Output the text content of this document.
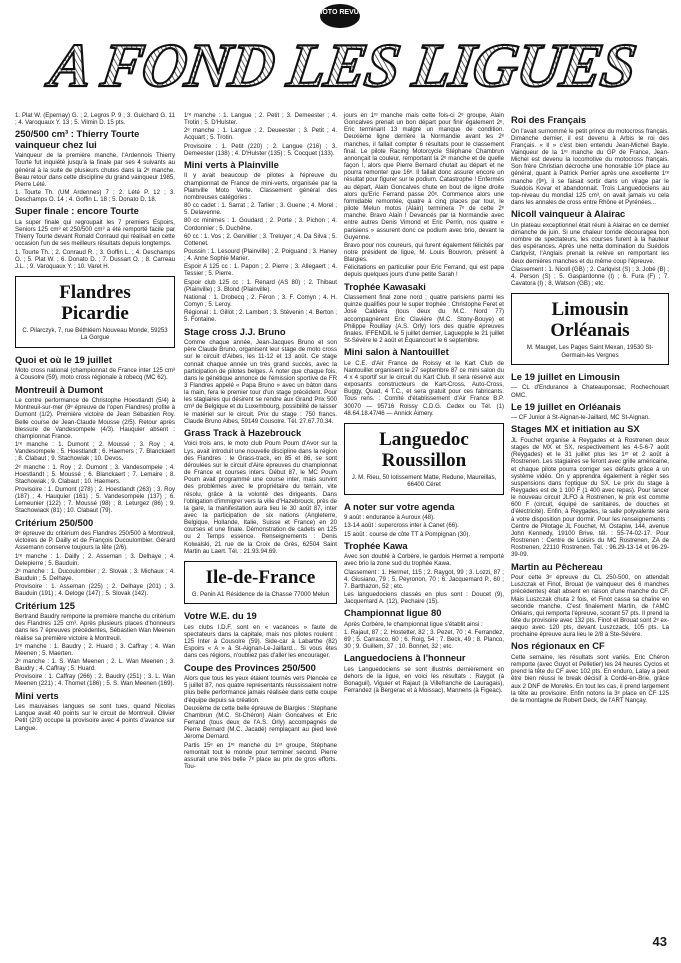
MOTO REVUE
A FOND LES LIGUES

1. Plat W. (Epernay) G. ; 2. Legros P. 9 ; 3. Guichard G. 11 ; 4. Varoquaux Y. 13 ; 5. Vilmin D. 15 pts.

250/500 cm³ : Thierry Tourte vainqueur chez lui

Vainqueur de la première manche, l'Ardennois Thierry Tourte fut inquiété jusqu'à la finale par ses 4 suivants au général à la suite de plusieurs chutes dans la 2ᵉ manche. Beau retour dans cette discipline du grand vainqueur 1985, Pierre Lété.

1. Tourte Th. (UM Ardennes) 7 ; 2. Lété P. 12 ; 3. Deschamps O. 14 ; 4. Goffin L. 18 ; 5. Donato D. 18.

Super finale : encore Tourte

La super finale qui regroupait les 7 premiers Espoirs, Seniors 125 cm³ et 250/500 cm³ a été remporté facile par Thierry Tourte devant Ronald Conraud qui réalisait en cette occasion l'un de ses meilleurs résultats depuis longtemps.

1. Tourte Th. ; 2. Conraud R. ; 3. Goffin L. ; 4. Deschamps O. ; 5. Plat W. ; 6. Donato D. ; 7. Dussart O. ; 8. Carreau J.L. ; 9. Varoquaux Y. ; 10. Varet H.

Flandres
Picardie
C. Pilarczyk, 7, rue Béthléem Nouveau Monde, 59253 La Gorgue
Quoi et où le 19 juillet

Moto cross national (championnat de France inter 125 cm³ à Cousolre (59), moto cross régionale à robecq (MC 62).

Montreuil à Dumont

Le contre performance de Christophe Hoestlandt (5/4) à Montreuil-sur-mer (8ᵉ épreuve de l'open Flandres) profite à Dumont (1/2). Première victoire de Jean Sébastien Roy. Belle course de Jean-Claude Mousse (2/5). Retour après blessure de Vandesompele (4/3). Hauquier absent : championnat France.

1ʳᵉ manche : 1. Dumont ; 2. Moussé ; 3. Roy ; 4. Vandesompele ; 5. Hoestlandt ; 6. Haemers ; 7. Blanckaert ; 8. Clabaut ; 9. Stachowiak ; 10. Devos.

2ᵉ manche : 1. Roy ; 2. Dumont ; 3. Vandesompele ; 4. Hoestlandt ; 5. Moussé ; 6. Blanckaert ; 7. Lemaire ; 8. Stachowiak ; 9. Clabaut ; 10. Haemers.

Provisoire : 1. Dumont (278) ; 2. Hoestlandt (263) ; 3. Roy (187) ; 4. Hauquier (161) ; 5. Vandesompele (137) ; 6. Lemeunier (122) ; 7. Moussé (98) ; 8. Leturgez (86) ; 9. Stachowiack (81) ; 10. Clabaut (79).

Critérium 250/500

8ᵉ épreuve du critérium des Flandres 250/500 à Montreuil, victoires de P. Dailly et de François Ducoulombier. Gérard Assemann conserve toujours la tête (2/6).

1ʳᵉ manche : 1. Dailly ; 2. Asseman ; 3. Delhaye ; 4. Delepierre ; 5. Bauduin.

2ᵉ manche : 1. Ducoulombier ; 2. Slovak ; 3. Michaux ; 4. Bauduin ; 5. Delhaye.

Provisoire : 1. Asseman (225) ; 2. Delhaye (201) ; 3. Bauduin (191) ; 4. Deloge (147) ; 5. Slovak (142).

Critérium 125

Bertrand Baudry remporte la première manche du critérium des Flandres 125 cm³. Après plusieurs places d'honneurs dans les 7 épreuves précédentes, Sébastien Wan Meenen réalise sa première victoire à Montreuil.

1ʳᵉ manche : 1. Baudry ; 2. Huard ; 3. Caffray ; 4. Wan Meenen ; 5. Maerten.

2ᵉ manche : 1. S. Wan Meenen ; 2. L. Wan Meenen ; 3. Baudry ; 4. Caffray ; 5. Huard.

Provisoire : 1. Caffray (266) ; 2. Baudry (251) ; 3. L. Wan Meenen (221) ; 4. Thomet (186) ; 5. S. Wan Meenen (169).

Mini verts

Les mauvaises langues se sont tues, quand Nicolas Langue avait 40 points sur le circuit de Montreuil. Olivier Petit (2/3) occupe la provisoire avec 4 points d'avance sur Langue.

1ʳᵉ manche : 1. Langue ; 2. Petit ; 3. Demeester ; 4. Trotin ; 5. D'Hulster.

2ᵉ manche : 1. Langue ; 2. Deueester ; 3. Petit ; 4. Acquart ; 5. Trotin.

Provisoire : 1. Petit (220) ; 2. Langue (216) ; 3. Demeester (138) ; 4. D'Hulster (135) ; 5. Cocquet (133).

Mini verts à Plainville

Il y avait beaucoup de pilotes à l'épreuve du championnat de France de mini-verts, organisée par la Plainville Moto Verte. Classement général des nombreuses catégories :

80 cc cadet : 1. Sarrat ; 2. Tarlier ; 3. Guene ; 4. Morel ; 5. Delavenne.

80 cc minimes : 1. Goudard ; 2. Porte ; 3. Pichon ; 4. Cordonnier ; 5. Duchêne.

60 cc : 1. Vos ; 2. Gervillier ; 3. Treluyer ; 4. Da Silva ; 5. Cottenet.

Poussin : 1. Lesourd (Plainville) ; 2. Poiguand ; 3. Haney ; 4. Anne Sophie Marier.

Espoir A 125 cc : 1. Papon ; 2. Pierre ; 3. Allegaert ; 4. Tessier ; 5. Pierre.

Espoir club 125 cc : 1. Renard (AS 80) ; 2. Thibaut (Plainville) ; 3. Blond (Plainville).

National : 1. Drobecq ; 2. Féron ; 3. F. Comyn ; 4. H. Comyn ; 5. Leroy.

Régional : 1. Gillot ; 2. Lambert ; 3. Stévenin ; 4. Berton ; 5. Fontaine.

Stage cross J.J. Bruno

Comme chaque année, Jean-Jacques Bruno et son père Claude Bruno, organisent leur stage de moto cross sur le circuit d'Aibes, les 11-12 et 13 août. Ce stage connait chaque année un très grand succès, avec la participation de pilotes belges. À noter que chaque fois, dans le génétique annonce de l'émission sportive de FR 3 Flandres appelé « Papa Bruno » avec un bâton dans la main, fera le premier tour d'un stage précédent. Pour les stagiaires qui désirent se rendre aux Grand Prix 500 cm³ de Belgique et du Luxembourg, possibilité de laisser le matériel sur le circuit. Prix du stage : 750 francs. Claude Bruno Aibes, 59149 Cousolre. Tél. 27.67.70.34.

Grass Track à Hazebrouck

Voici trois ans, le moto club Poum Poum d'Avor sur la Lys, avait introduit une nouvelle discipline dans la région des Flandres : le Grass-track, en 85 et 86, se sont déroulées sur le circuit d'Aire épreuves du championnat de France et courses inters. Début 87, le MC Poum Poum avait programmé une course inter, mais survint des problèmes avec le propriétaire du terrain, vite résolu, grâce à la volonté des dirigeants. Dans l'obligation d'immigrer vers la ville d'Hazebrouck, près de la gare, la manifestation aura lieu le 30 août 87, inter avec la participation de six nations (Angleterre, Belgique, Hollande, Italie, Suisse et France) en 20 courses et une finale. Démonstration de cadets en 125 ou 2 Temps essence. Renseignements : Denis Kolwalski, 21 rue de la Croix de Grès, 62504 Saint Martin au Laert. Tél. : 21.93.94.69.

Ile-de-France
G. Penin A1 Résidence de la Chasse 77000 Melun
Votre W.E. du 19

Les clubs I.D.F. sont en « vacances » faute de spectateurs dans la capitale, mais nos pilotes roulent : 125 Inter à Cousolre (59). Side-car à Labarthe (82) Espoirs « A » à St-Aignan-Le-Jaillard... Si vous êtes dans ces régions, n'oubliez pas d'aller les encourager.

Coupe des Provinces 250/500

Alors que tous les yeux étaient tournés vers Plencée ce 5 juillet 87, nos quatre représentants réussissaient notre plus belle performance jamais réalisée dans cette coupe d'équipe depuis sa création.

Deuxième de cette belle épreuve de Blargies : Stéphane Chambrun (M.C. St-Chéron) Alain Goncalves et Eric Ferrand (tous deux de l'A.S. Orly) accompagnés de Pierre Bernard (M.C. Jacadé) remplaçant au pied levé Jérome Dernard.

Partis 15ᵉ en 1ʳᵉ manche du 1ᵉʳ groupe, Stéphane remontait tout le monde pour terminer second. Pierre assurait une très belle 7ᵉ place au prix de gros efforts. Tou-

jours en 1ʳᵉ manche mais cette fois-ci 2ᵉ groupe, Alain Goncalves prenait un bon départ pour finir également 2ᵉ, Eric terminant 13 malgré un manque de condition. Deuxième ligne derrière la Normandie avant les 2ᵉ manches, il fallait compter 6 résultats pour le classement final. Le pilote Racing Motorcycle Stéphane Chambrun annonçait la couleur, remportant la 2ᵉ manche et de quelle façon !, alors que Pierre Bernard chutait au départ et ne pourra remonter que 16ᵉ. Il fallait donc assurer encore un résultat pour figurer sur le podium. Catastrophe ! Enfermés au départ, Alain Goncalves chute en bout de ligne droite alors qu'Eric Ferrand passe 20ᵉ. Commence alors une formidable remontée, quatre à cinq places par tour, le pilote Melun motos (Alain) terminera 7ᵉ de cette 2ᵉ manche. Bravo Alain ! Devancés par la Normandie avec entre autres Denis Vimond et Eric Perrin, nos quatre « parisiens » assurent donc ce podium avec brio, devant la Guyenne.

Bravo pour nos coureurs, qui furent également félicités par notre président de ligue, M. Louis Bouvron, présent à Blargies.

Félicitations en particulier pour Eric Ferrand, qui est papa depuis quelques jours d'une petite Sarah !

Trophée Kawasaki

Classement final zone nord ; quatre parisiens parmi les quinze qualifiés pour le super trophée : Christophe Feret et José Caldeira (tous deux du M.C. Nord 77) accompagnèrent Eric Clavière (M.C. Stony-Bouye) et Philippe Roulliay (A.S. Orly) lors des quatre épreuves finales. IFFENDIL le 5 juillet dernier, Laguepple le 21 juillet St-Sévère le 2 août et Equancourt le 6 septembre.

Mini salon à Nantouillet

Le C.E. d'Air France de Roissy et le Kart Club de Nantouillet organisent le 27 septembre 87 ce mini salon du 4 x 4 sportif sur le circuit du Kart Club. Il sera réservé aux exposants constructeurs de Kart-Cross, Auto-Cross, Buggy, Quad, 4 T.C., et sera gratuit pour ces fabricants. Tous rens. : Comité d'établissement d'Air France B.P. 30070 — 95716 Roissy C.D.G. Cedex ou Tél. (1) 48.64.18.47/46 — Annick Aimery.

Languedoc
Roussillon
J. M. Rieu, 50 lotissement Matte, Redune, Maureillas, 66400 Céret
A noter sur votre agenda

9 août : endurance à Auroux (48).

13-14 août : supercross inter à Canet (66).

15 août : course de côte TT à Pompignan (30).

Trophée Kawa

Avec son doublé à Corbère, le gardois Hermet a remporté avec brio la zone sud du trophée Kawa.

Classement : 1. Hermet, 115 ; 2. Raygot, 99 ; 3. Lozzi, 87 ; 4. Giusiano, 79 ; 5. Peyronon, 70 ; 6. Jacquemard P., 60 ; 7. Barthazon, 52 ; etc.

Les languedociens classés en plus sont : Doucet (9), Jacquemard A. (12), Pechaire (15).

Championnat ligue 80

Après Corbère, le championnat ligue s'établit ainsi :

1. Rajaut, 87 ; 2. Hostetter, 82 ; 3. Pezet, 70 ; 4. Ferrandez, 69 ; 5. Carrasco, 60 ; 6. Roig, 54 ; 7. Beck, 49 ; 8. Planco, 30 ; 9. Guillem, 37 ; 10. Bonnet, 32 ; etc.

Languedociens à l'honneur

Les Languedociens se sont illustrés dernièrement en dehors de la ligue, en voici les résultats : Raygot (à Bonaguil), Viguier et Rajaut (à Villefranche de Lauragais), Ferrandez (à Bergerac et à Moissac), Mannens (à Figeac).

Roi des Français

On l'avait surnommé le petit prince du motocross français. Dimanche dernier, il est devenu à Arbis le roi des Français. « Il » c'est bien entendu Jean-Michel Bayle. Vainqueur de la 1ʳᵉ manche du GP de France, Jean-Michel est devenu la locomotive du motocross français. Son frère Christian décroche une honorable 10ᵉ place au général, quant à Patrick Perrier après une excellente 1ʳᵉ manche (9ᵉ), il se faisait sortir dans un virage par le Suédois Kovar et abandonnait. Trois Languedociens au top-niveau du mondial 125 cm³, on avait jamais vu cela dans les annales de cross entre Rhône et Pyrénées...

Nicoll vainqueur à Alairac

Un plateau exceptionnel était réuni à Alairac en ce dernier dimanche de juin. Si une chaleur torride découragea bon nombre de spectateurs, les courses furent à la hauteur des espérances. Après une netta domination du Suédois Carlqvist, l'Anglais prenait la relève en remportant les deux dernières manches et du même coup l'épreuve.

Classement : 1. Nicoll (GB) ; 2. Carlqvist (S) ; 3. Jobé (B) ; 4. Person (S) ; 5. Gaspardonne (I) ; 6. Fura (F) ; 7. Cavatora (I) ; 8. Watson (GB) ; etc.

Limousin
Orléanais
M. Mauget, Les Pages Saint Mexan, 19530 St-Germain-les Vergnes
Le 19 juillet en Limousin

— CL d'Endurance à Chateauponsac, Rochechouart OMC.

Le 19 juillet en Orléanais

— CF Junior à St-Aignan-le-Jaillard, MC St-Aignan.

Stages MX et initiation au SX

JL Fouchet organise à Reygades et à Rostrenen deux stages de MX et SX, respectivement les 4-5-6-7 août (Reygades) et le 31 juillet plus les 1ᵉʳ et 2 août à Rostrenen. Les stagiaires se feront avec grille américaine, et chaque pilote pourra corriger ses défauts grâce à un système vidéo. On y apprendra également à régler ses suspensions dans l'optique du SX. Le prix du stage à Reygades est de 1 100 F (1 400 avec repas). Pour lancer le nouveau circuit JLFO à Rostrenen, le prix est comme 600 F (circuit, équipé de sanitaires, de douches et d'électricité). Enfin, à Reygades, la salle polyvalente sera à votre disposition pour dormir. Pour les renseignements : Centre de Pilotage JL Fouchet, M. Ostapiw, 144, avenue John Kennedy, 19100 Brive. tél. : 55-74-02-17. Pour Rostrenen : Centre de Loisirs du MC Rostrenen, ZA de Rostrenen, 22110 Rostrenen. Tél. : 96.29-13-14 et 96-29-39-09.

Martin au Pêchereau

Pour cette 3ᵉ épreuve du CL 250-500, on attendait Luszczak et Finot, Brouat (le vainqueur des 6 manches précédentes) était absent en raison d'une manche du CF. Mais Luszczak chuta 2 fois, et Finot cassa sa chaîne en seconde manche. C'est finalement Martin, de l'AMC Orléans, qui remporta l'épreuve, scorant 57 pts. Il prend la tête du provisoire avec 132 pts. Finot et Brouat sont 2ᵉ ex-aequo avec 120 pts, devant Luszczack, 105 pts. La prochaine épreuve aura lieu le 2/8 à Ste-Sévère.

Nos régionaux en CF

Cette semaine, les résultats sont variés. Eric Chéron remporte (avec Guyot et Pelletier) les 24 heures Cyclos et prend la tête du CF avec 102 pts. En enduro, Lalay a peut être bien réussi le break décisif à Cordé-en-Brie, grâce aux 2 DNF de Morelès. En tout les cas, il prend largement la tête au provisoire. Enfin notons la 3ᵉ place en CF 125 de la montagne de Robert Deck, de l'ART Nançay.

43
